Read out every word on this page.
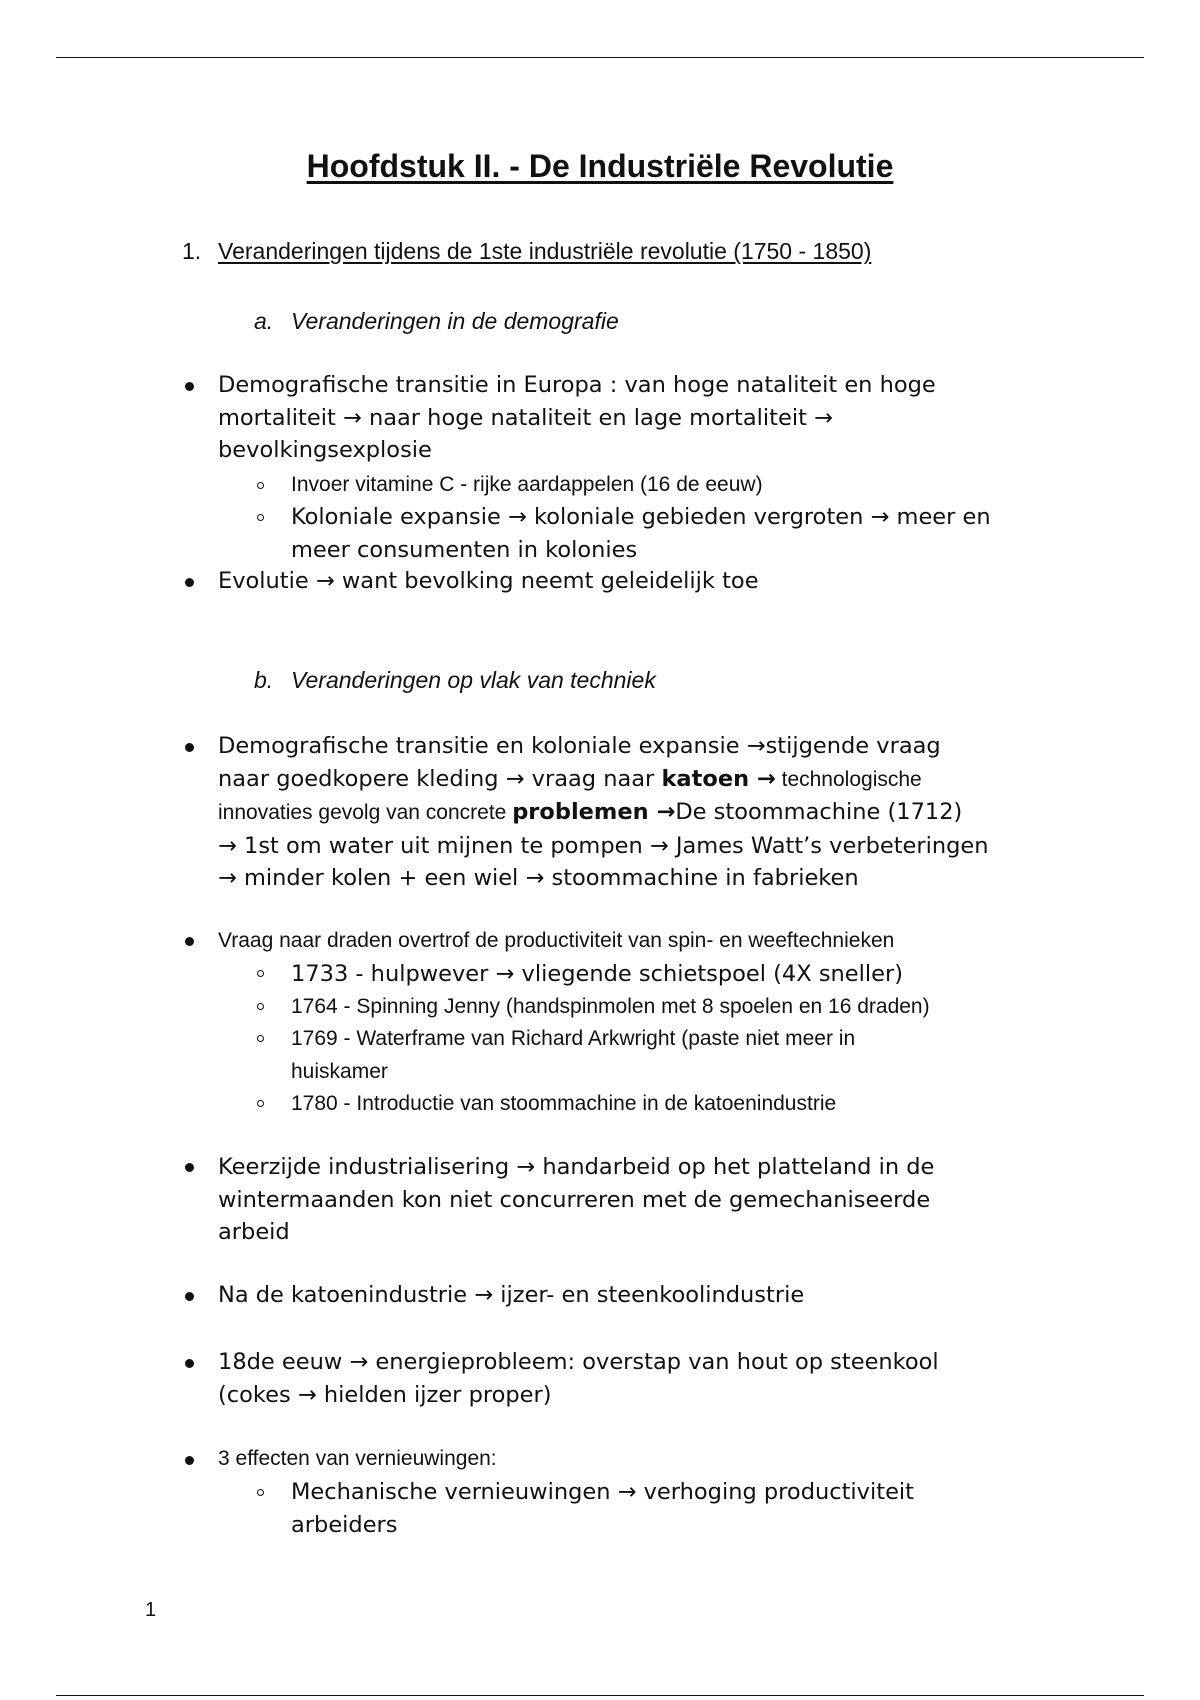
Hoofdstuk II. - De Industriële Revolutie
1. Veranderingen tijdens de 1ste industriële revolutie (1750 - 1850)
a. Veranderingen in de demografie
Demografische transitie in Europa : van hoge nataliteit en hoge
mortaliteit → naar hoge nataliteit en lage mortaliteit →
bevolkingsexplosie
Invoer vitamine C - rijke aardappelen (16 de eeuw)
Koloniale expansie → koloniale gebieden vergroten → meer en
meer consumenten in kolonies
Evolutie → want bevolking neemt geleidelijk toe
b. Veranderingen op vlak van techniek
Demografische transitie en koloniale expansie →stijgende vraag
naar goedkopere kleding → vraag naar katoen → technologische
innovaties gevolg van concrete problemen →De stoommachine (1712)
→ 1st om water uit mijnen te pompen → James Watt’s verbeteringen
→ minder kolen + een wiel → stoommachine in fabrieken
Vraag naar draden overtrof de productiviteit van spin- en weeftechnieken
1733 - hulpwever → vliegende schietspoel (4X sneller)
1764 - Spinning Jenny (handspinmolen met 8 spoelen en 16 draden)
1769 - Waterframe van Richard Arkwright (paste niet meer in
huiskamer
1780 - Introductie van stoommachine in de katoenindustrie
Keerzijde industrialisering → handarbeid op het platteland in de
wintermaanden kon niet concurreren met de gemechaniseerde
arbeid
Na de katoenindustrie → ijzer- en steenkoolindustrie
18de eeuw → energieprobleem: overstap van hout op steenkool
(cokes → hielden ijzer proper)
3 effecten van vernieuwingen:
Mechanische vernieuwingen → verhoging productiviteit
arbeiders
1
